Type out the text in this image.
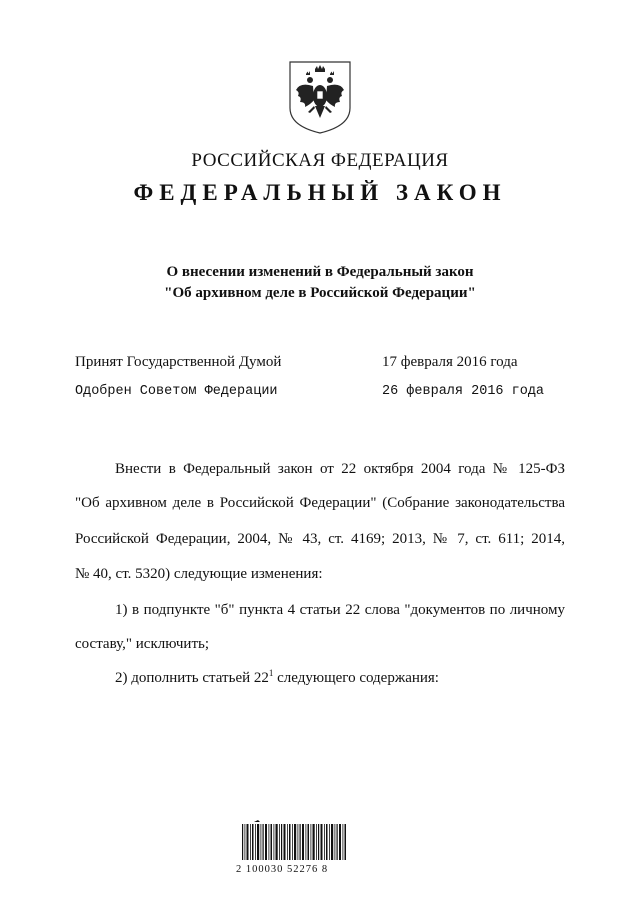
РОССИЙСКАЯ ФЕДЕРАЦИЯ
ФЕДЕРАЛЬНЫЙ ЗАКОН
О внесении изменений в Федеральный закон
"Об архивном деле в Российской Федерации"
Принят Государственной Думой	17 февраля 2016 года
Одобрен Советом Федерации	26 февраля 2016 года
Внести в Федеральный закон от 22 октября 2004 года № 125-ФЗ
"Об архивном деле в Российской Федерации" (Собрание законодательства
Российской Федерации, 2004, № 43, ст. 4169; 2013, № 7, ст. 611; 2014,
№ 40, ст. 5320) следующие изменения:
1) в подпункте "б" пункта 4 статьи 22 слова "документов по личному
составу," исключить;
2) дополнить статьей $22^1$ следующего содержания:
2 100030 52276 8
